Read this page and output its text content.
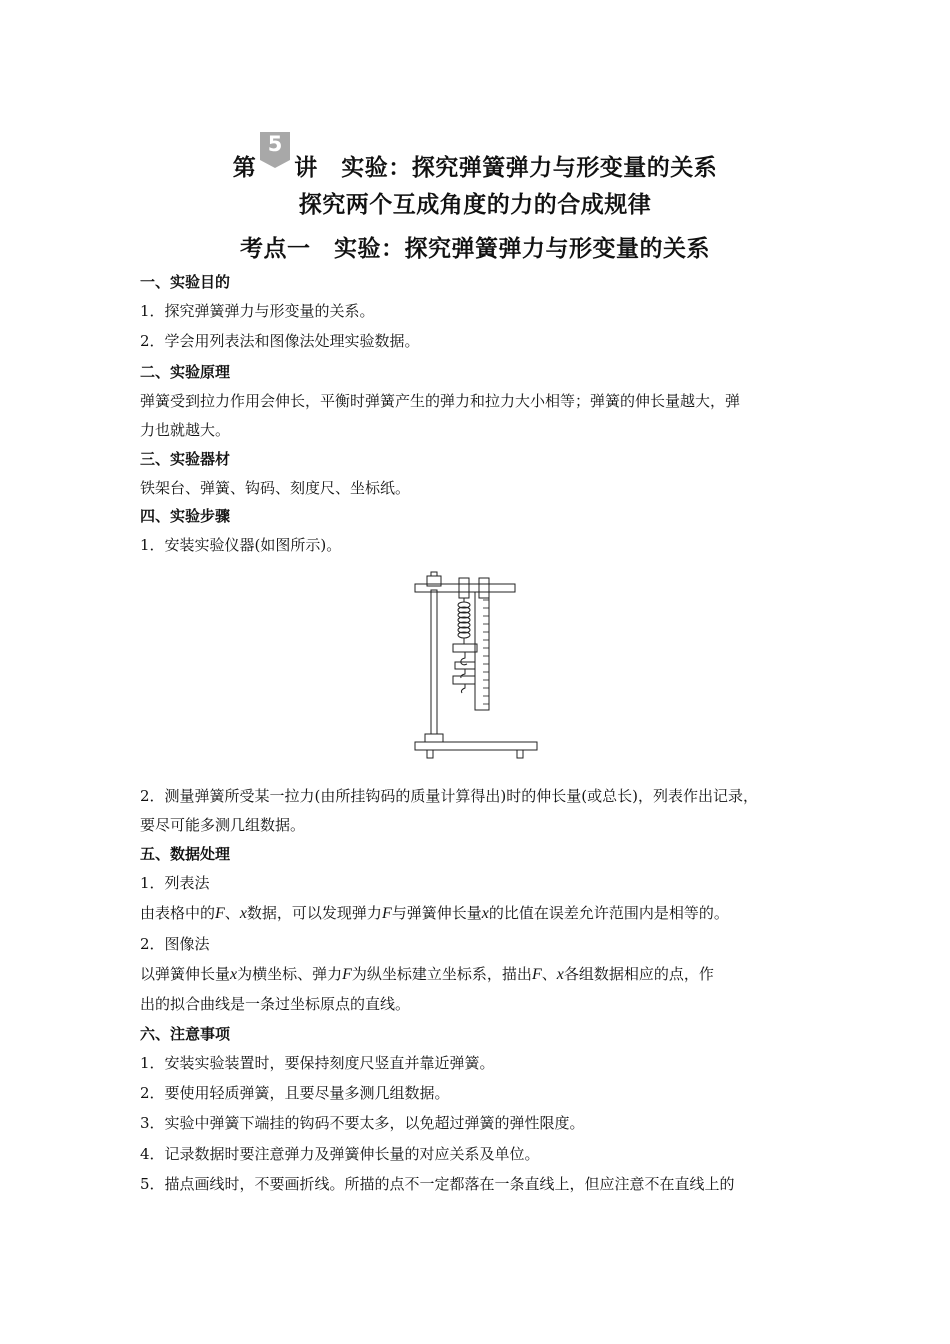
第
5
讲　实验：探究弹簧弹力与形变量的关系
探究两个互成角度的力的合成规律
考点一　实验：探究弹簧弹力与形变量的关系
一、实验目的
1．探究弹簧弹力与形变量的关系。
2．学会用列表法和图像法处理实验数据。
二、实验原理
弹簧受到拉力作用会伸长，平衡时弹簧产生的弹力和拉力大小相等；弹簧的伸长量越大，弹
力也就越大。
三、实验器材
铁架台、弹簧、钩码、刻度尺、坐标纸。
四、实验步骤
1．安装实验仪器(如图所示)。
2．测量弹簧所受某一拉力(由所挂钩码的质量计算得出)时的伸长量(或总长)，列表作出记录，
要尽可能多测几组数据。
五、数据处理
1．列表法
由表格中的F、x数据，可以发现弹力F与弹簧伸长量x的比值在误差允许范围内是相等的。
2．图像法
以弹簧伸长量x为横坐标、弹力F为纵坐标建立坐标系，描出F、x各组数据相应的点，作
出的拟合曲线是一条过坐标原点的直线。
六、注意事项
1．安装实验装置时，要保持刻度尺竖直并靠近弹簧。
2．要使用轻质弹簧，且要尽量多测几组数据。
3．实验中弹簧下端挂的钩码不要太多，以免超过弹簧的弹性限度。
4．记录数据时要注意弹力及弹簧伸长量的对应关系及单位。
5．描点画线时，不要画折线。所描的点不一定都落在一条直线上，但应注意不在直线上的
